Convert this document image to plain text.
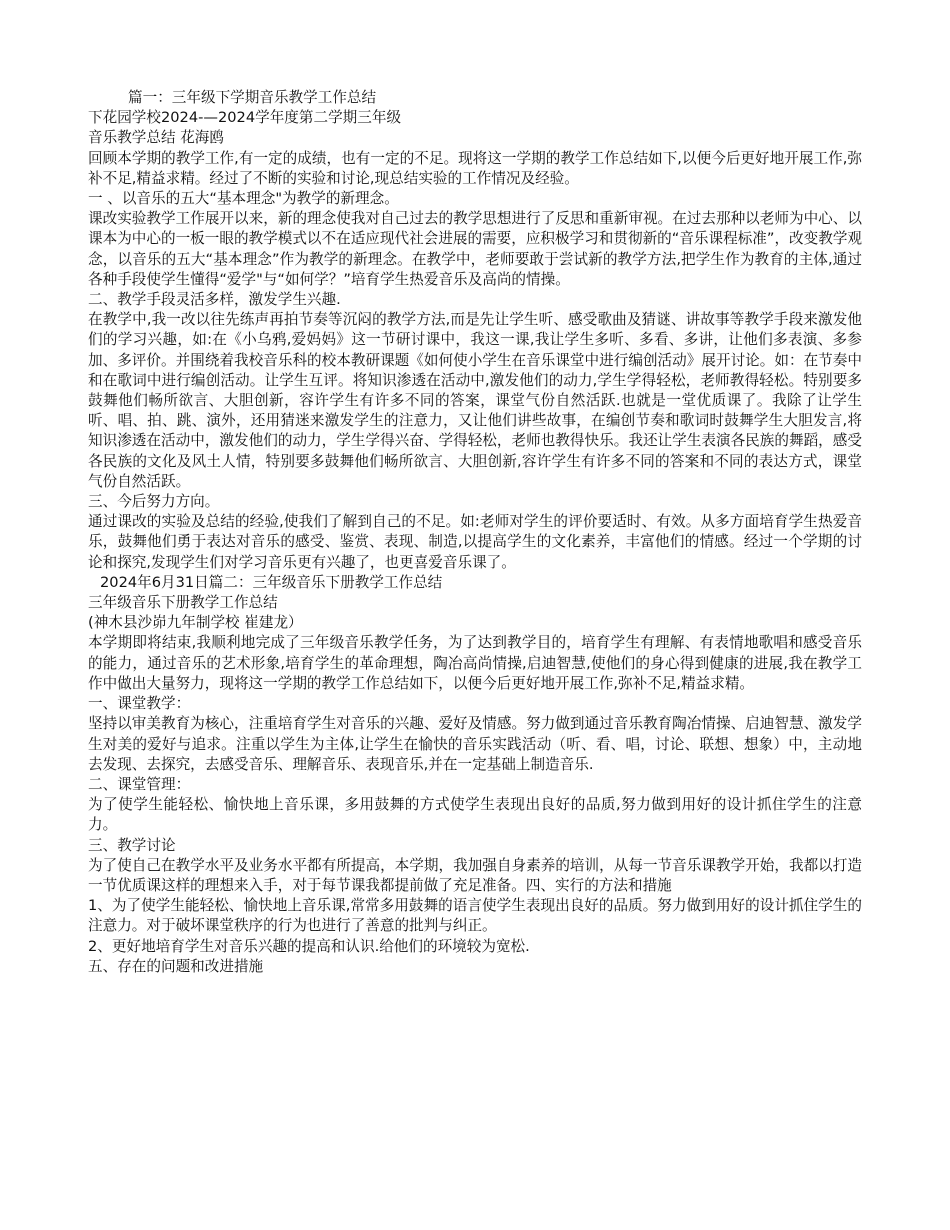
篇一：三年级下学期音乐教学工作总结

下花园学校2024-—2024学年度第二学期三年级

音乐教学总结 花海鸥

回顾本学期的教学工作,有一定的成绩，也有一定的不足。现将这一学期的教学工作总结如下,以便今后更好地开展工作,弥补不足,精益求精。经过了不断的实验和讨论,现总结实验的工作情况及经验。

一 、以音乐的五大“基本理念"为教学的新理念。

课改实验教学工作展开以来，新的理念使我对自己过去的教学思想进行了反思和重新审视。在过去那种以老师为中心、以课本为中心的一板一眼的教学模式以不在适应现代社会进展的需要，应积极学习和贯彻新的“音乐课程标准”，改变教学观念，以音乐的五大“基本理念”作为教学的新理念。在教学中，老师要敢于尝试新的教学方法,把学生作为教育的主体,通过各种手段使学生懂得“爱学"与“如何学？”培育学生热爱音乐及高尚的情操。

二、教学手段灵活多样，激发学生兴趣.

在教学中,我一改以往先练声再拍节奏等沉闷的教学方法,而是先让学生听、感受歌曲及猜谜、讲故事等教学手段来激发他们的学习兴趣，如:在《小乌鸦,爱妈妈》这一节研讨课中，我这一课,我让学生多听、多看、多讲，让他们多表演、多参加、多评价。并围绕着我校音乐科的校本教研课题《如何使小学生在音乐课堂中进行编创活动》展开讨论。如：在节奏中和在歌词中进行编创活动。让学生互评。将知识渗透在活动中,激发他们的动力,学生学得轻松，老师教得轻松。特别要多鼓舞他们畅所欲言、大胆创新，容许学生有许多不同的答案，课堂气份自然活跃.也就是一堂优质课了。我除了让学生听、唱、拍、跳、演外，还用猜迷来激发学生的注意力，又让他们讲些故事，在编创节奏和歌词时鼓舞学生大胆发言,将知识渗透在活动中，激发他们的动力，学生学得兴奋、学得轻松，老师也教得快乐。我还让学生表演各民族的舞蹈，感受各民族的文化及风土人情，特别要多鼓舞他们畅所欲言、大胆创新,容许学生有许多不同的答案和不同的表达方式，课堂气份自然活跃。

三、今后努力方向。

通过课改的实验及总结的经验,使我们了解到自己的不足。如:老师对学生的评价要适时、有效。从多方面培育学生热爱音乐，鼓舞他们勇于表达对音乐的感受、鉴赏、表现、制造,以提高学生的文化素养，丰富他们的情感。经过一个学期的讨论和探究,发现学生们对学习音乐更有兴趣了，也更喜爱音乐课了。

2024年6月31日篇二：三年级音乐下册教学工作总结

三年级音乐下册教学工作总结

(神木县沙峁九年制学校 崔建龙）

本学期即将结束,我顺利地完成了三年级音乐教学任务，为了达到教学目的，培育学生有理解、有表情地歌唱和感受音乐的能力，通过音乐的艺术形象,培育学生的革命理想，陶冶高尚情操,启迪智慧,使他们的身心得到健康的进展,我在教学工作中做出大量努力，现将这一学期的教学工作总结如下，以便今后更好地开展工作,弥补不足,精益求精。

一、课堂教学：

坚持以审美教育为核心，注重培育学生对音乐的兴趣、爱好及情感。努力做到通过音乐教育陶冶情操、启迪智慧、激发学生对美的爱好与追求。注重以学生为主体,让学生在愉快的音乐实践活动（听、看、唱，讨论、联想、想象）中，主动地去发现、去探究，去感受音乐、理解音乐、表现音乐,并在一定基础上制造音乐.

二、课堂管理：

为了使学生能轻松、愉快地上音乐课，多用鼓舞的方式使学生表现出良好的品质,努力做到用好的设计抓住学生的注意力。

三、教学讨论

为了使自己在教学水平及业务水平都有所提高，本学期，我加强自身素养的培训，从每一节音乐课教学开始，我都以打造一节优质课这样的理想来入手，对于每节课我都提前做了充足准备。四、实行的方法和措施

1、为了使学生能轻松、愉快地上音乐课,常常多用鼓舞的语言使学生表现出良好的品质。努力做到用好的设计抓住学生的注意力。对于破坏课堂秩序的行为也进行了善意的批判与纠正。

2、更好地培育学生对音乐兴趣的提高和认识.给他们的环境较为宽松.

五、存在的问题和改进措施
